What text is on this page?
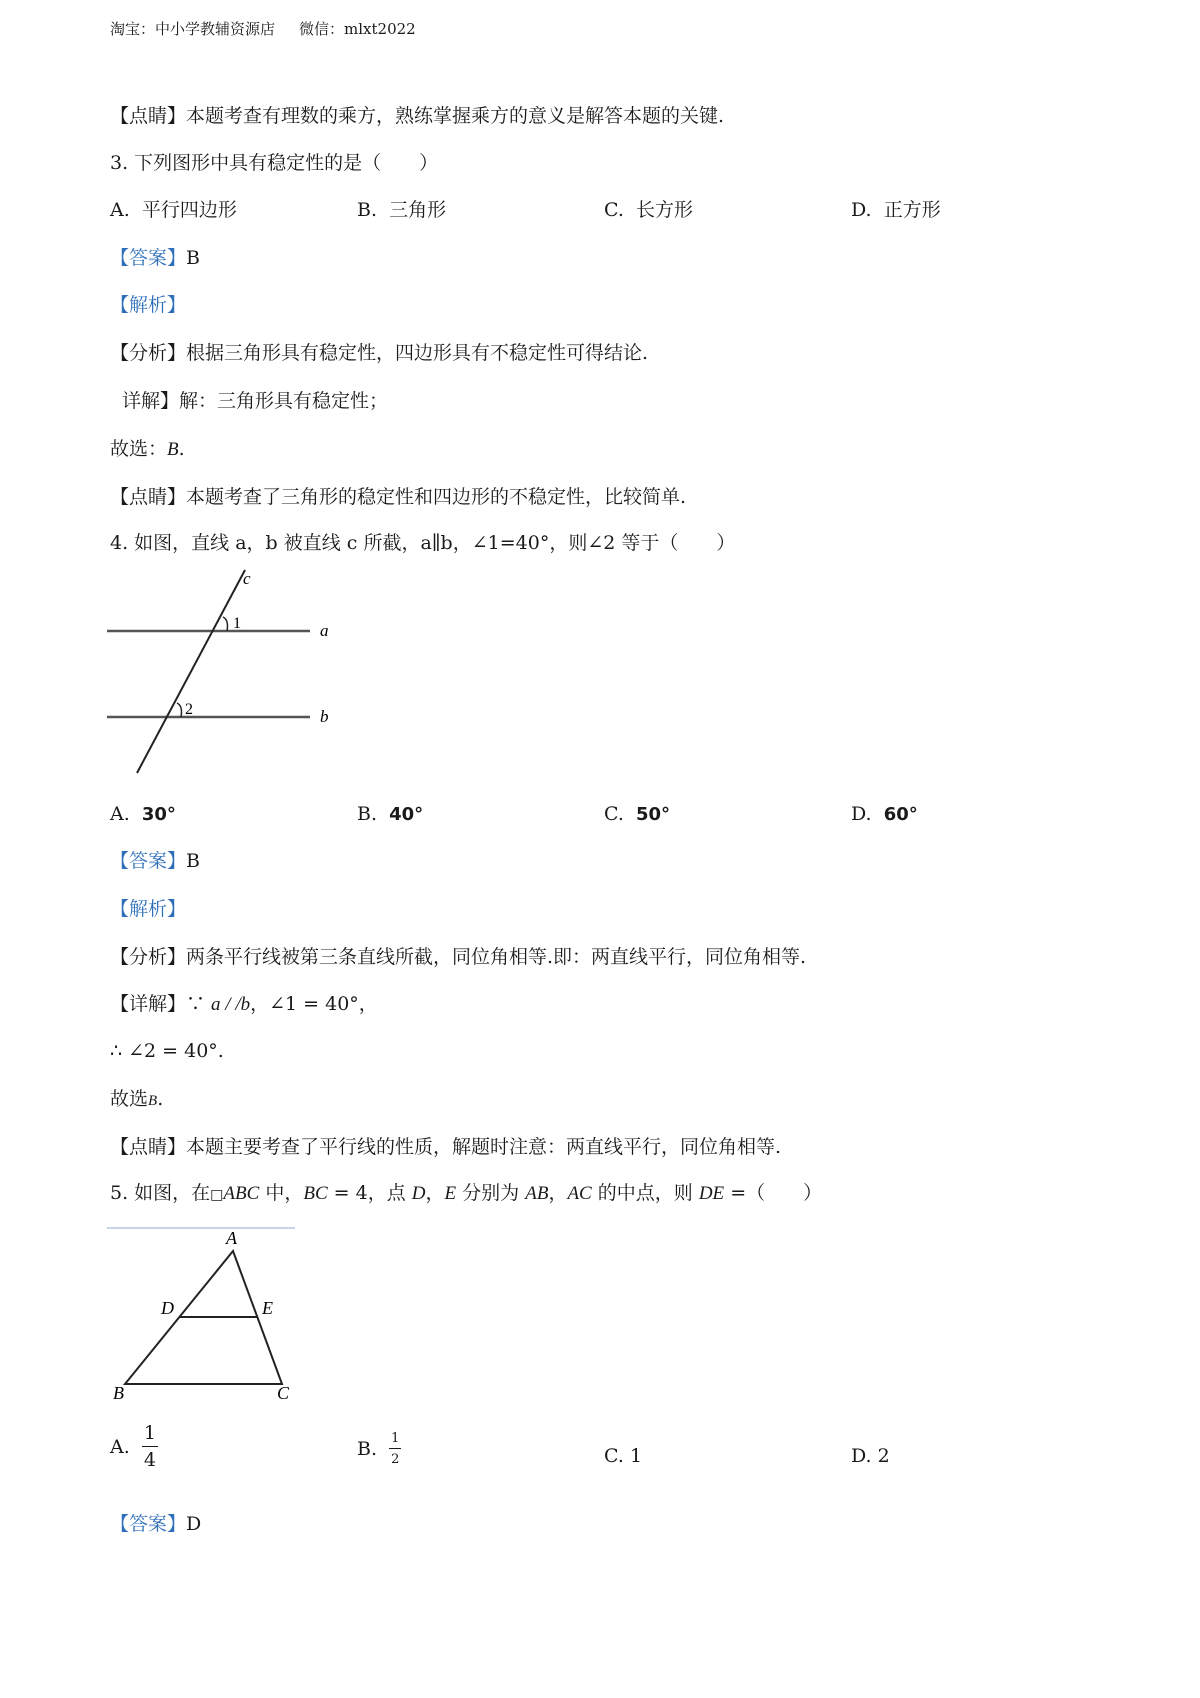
淘宝：中小学教辅资源店 微信：mlxt2022
【点睛】本题考查有理数的乘方，熟练掌握乘方的意义是解答本题的关键.
3. 下列图形中具有稳定性的是（　　）
A. 平行四边形	B. 三角形	C. 长方形	D. 正方形
【答案】B
【解析】
【分析】根据三角形具有稳定性，四边形具有不稳定性可得结论.
详解】解：三角形具有稳定性；
故选：B.
【点睛】本题考查了三角形的稳定性和四边形的不稳定性，比较简单.
4. 如图，直线 a，b 被直线 c 所截，a∥b，∠1=40°，则∠2 等于（　　）
c
1	a
2	b
A. 30°	B. 40°	C. 50°	D. 60°
【答案】B
【解析】
【分析】两条平行线被第三条直线所截，同位角相等.即：两直线平行，同位角相等.
【详解】∵ a / /b，∠1 = 40°，
∴ ∠2 = 40°.
故选B.
【点睛】本题主要考查了平行线的性质，解题时注意：两直线平行，同位角相等.
5. 如图，在□ABC 中，BC = 4，点 D，E 分别为 AB，AC 的中点，则 DE =（　　）
A
D	E
B	C
A. $\frac{1}{4}$	B. $\frac{1}{2}$	C. 1	D. 2
【答案】D
